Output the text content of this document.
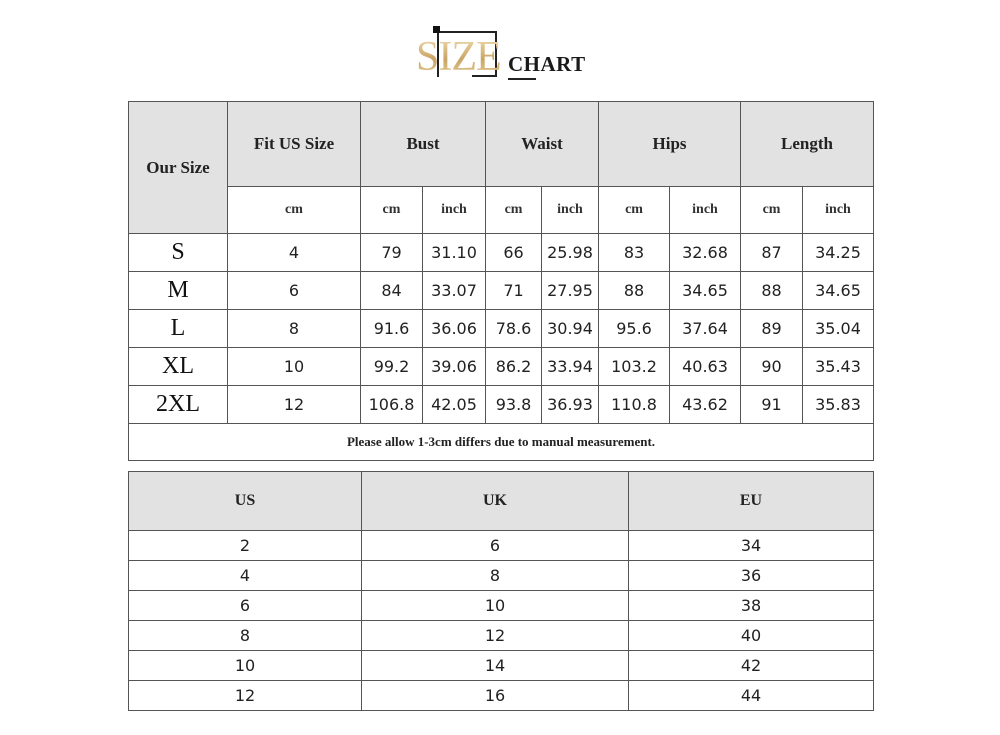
SIZE CHART
Our Size	Fit US Size	Bust		Waist		Hips		Length	
	cm	cm	inch	cm	inch	cm	inch	cm	inch
S	4	79	31.10	66	25.98	83	32.68	87	34.25
M	6	84	33.07	71	27.95	88	34.65	88	34.65
L	8	91.6	36.06	78.6	30.94	95.6	37.64	89	35.04
XL	10	99.2	39.06	86.2	33.94	103.2	40.63	90	35.43
2XL	12	106.8	42.05	93.8	36.93	110.8	43.62	91	35.83
Please allow 1-3cm differs due to manual measurement.									
US	UK	EU
2	6	34
4	8	36
6	10	38
8	12	40
10	14	42
12	16	44
